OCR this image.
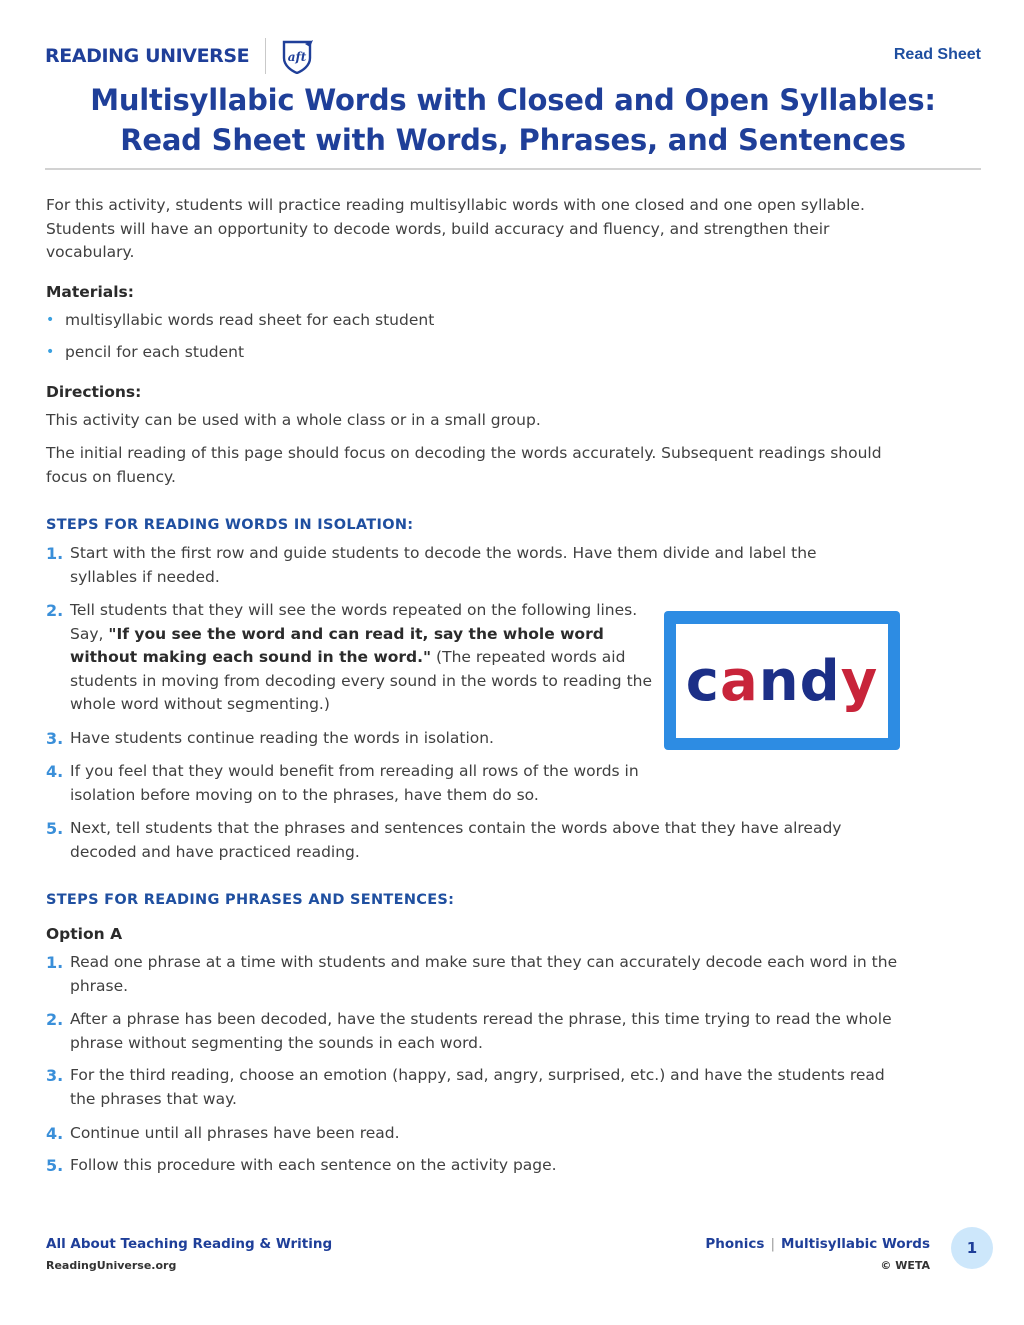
READING UNIVERSE	aft	Read Sheet
Multisyllabic Words with Closed and Open Syllables:
Read Sheet with Words, Phrases, and Sentences
For this activity, students will practice reading multisyllabic words with one closed and one open syllable. Students will have an opportunity to decode words, build accuracy and fluency, and strengthen their vocabulary.
Materials:
• multisyllabic words read sheet for each student
• pencil for each student
Directions:
This activity can be used with a whole class or in a small group.
The initial reading of this page should focus on decoding the words accurately. Subsequent readings should focus on fluency.
STEPS FOR READING WORDS IN ISOLATION:
1. Start with the first row and guide students to decode the words. Have them divide and label the syllables if needed.
2. Tell students that they will see the words repeated on the following lines. Say, "If you see the word and can read it, say the whole word without making each sound in the word." (The repeated words aid students in moving from decoding every sound in the words to reading the whole word without segmenting.)
3. Have students continue reading the words in isolation.
4. If you feel that they would benefit from rereading all rows of the words in isolation before moving on to the phrases, have them do so.
5. Next, tell students that the phrases and sentences contain the words above that they have already decoded and have practiced reading.
candy
STEPS FOR READING PHRASES AND SENTENCES:
Option A
1. Read one phrase at a time with students and make sure that they can accurately decode each word in the phrase.
2. After a phrase has been decoded, have the students reread the phrase, this time trying to read the whole phrase without segmenting the sounds in each word.
3. For the third reading, choose an emotion (happy, sad, angry, surprised, etc.) and have the students read the phrases that way.
4. Continue until all phrases have been read.
5. Follow this procedure with each sentence on the activity page.
All About Teaching Reading & Writing
ReadingUniverse.org
Phonics | Multisyllabic Words
© WETA
1
